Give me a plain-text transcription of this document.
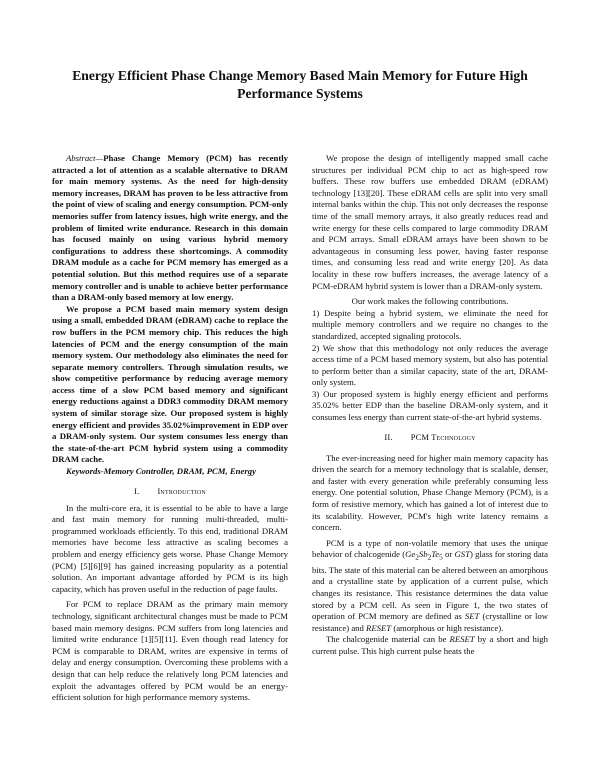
Energy Efficient Phase Change Memory Based Main Memory for Future High Performance Systems

Abstract—Phase Change Memory (PCM) has recently attracted a lot of attention as a scalable alternative to DRAM for main memory systems. As the need for high-density memory increases, DRAM has proven to be less attractive from the point of view of scaling and energy consumption. PCM-only memories suffer from latency issues, high write energy, and the problem of limited write endurance. Research in this domain has focused mainly on using various hybrid memory configurations to address these shortcomings. A commodity DRAM module as a cache for PCM memory has emerged as a potential solution. But this method requires use of a separate memory controller and is unable to achieve better performance than a DRAM-only based memory at low energy.

We propose a PCM based main memory system design using a small, embedded DRAM (eDRAM) cache to replace the row buffers in the PCM memory chip. This reduces the high latencies of PCM and the energy consumption of the main memory system. Our methodology also eliminates the need for separate memory controllers. Through simulation results, we show competitive performance by reducing average memory access time of a slow PCM based memory and significant energy reductions against a DDR3 commodity DRAM memory system of similar storage size. Our proposed system is highly energy efficient and provides 35.02%improvement in EDP over a DRAM-only system. Our system consumes less energy than the state-of-the-art PCM hybrid system using a commodity DRAM cache.

Keywords-Memory Controller, DRAM, PCM, Energy

I. Introduction

In the multi-core era, it is essential to be able to have a large and fast main memory for running multi-threaded, multi-programmed workloads efficiently. To this end, traditional DRAM memories have become less attractive as scaling becomes a problem and energy efficiency gets worse. Phase Change Memory (PCM) [5][6][9] has gained increasing popularity as a potential solution. An important advantage afforded by PCM is its high capacity, which has proven useful in the reduction of page faults.

For PCM to replace DRAM as the primary main memory technology, significant architectural changes must be made to PCM based main memory designs. PCM suffers from long latencies and limited write endurance [1][5][11]. Even though read latency for PCM is comparable to DRAM, writes are expensive in terms of delay and energy consumption. Overcoming these problems with a design that can help reduce the relatively long PCM latencies and exploit the advantages offered by PCM would be an energy-efficient solution for high performance memory systems.

We propose the design of intelligently mapped small cache structures per individual PCM chip to act as high-speed row buffers. These row buffers use embedded DRAM (eDRAM) technology [13][20]. These eDRAM cells are split into very small internal banks within the chip. This not only decreases the response time of the small memory arrays, it also greatly reduces read and write energy for these cells compared to large commodity DRAM and PCM arrays. Small eDRAM arrays have been shown to be advantageous in consuming less power, having faster response times, and consuming less read and write energy [20]. As data locality in these row buffers increases, the average latency of a PCM-eDRAM hybrid system is lower than a DRAM-only system.

Our work makes the following contributions.

1) Despite being a hybrid system, we eliminate the need for multiple memory controllers and we require no changes to the standardized, accepted signaling protocols.

2) We show that this methodology not only reduces the average access time of a PCM based memory system, but also has potential to perform better than a similar capacity, state of the art, DRAM-only system.

3) Our proposed system is highly energy efficient and performs 35.02% better EDP than the baseline DRAM-only system, and it consumes less energy than current state-of-the-art hybrid systems.

II. PCM Technology

The ever-increasing need for higher main memory capacity has driven the search for a memory technology that is scalable, denser, and faster with every generation while preferably consuming less energy. One potential solution, Phase Change Memory (PCM), is a form of resistive memory, which has gained a lot of interest due to its scalability. However, PCM's high write latency remains a concern.

PCM is a type of non-volatile memory that uses the unique behavior of chalcogenide ($Ge_2Sb_2Te_5$ or GST) glass for storing data bits. The state of this material can be altered between an amorphous and a crystalline state by application of a current pulse, which changes its resistance. This resistance determines the data value stored by a PCM cell. As seen in Figure 1, the two states of operation of PCM memory are defined as SET (crystalline or low resistance) and RESET (amorphous or high resistance).

The chalcogenide material can be RESET by a short and high current pulse. This high current pulse heats the
